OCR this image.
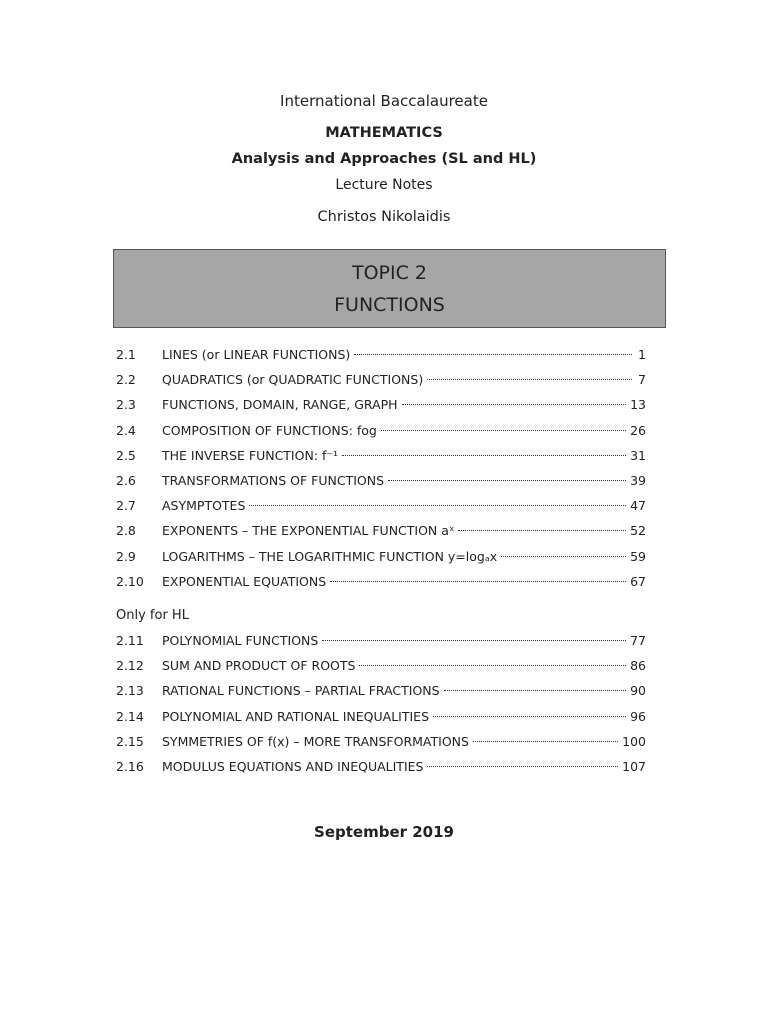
International Baccalaureate
MATHEMATICS
Analysis and Approaches (SL and HL)
Lecture Notes
Christos Nikolaidis
TOPIC 2
FUNCTIONS
2.1	LINES (or LINEAR FUNCTIONS)	1
2.2	QUADRATICS (or QUADRATIC FUNCTIONS)	7
2.3	FUNCTIONS, DOMAIN, RANGE, GRAPH	13
2.4	COMPOSITION OF FUNCTIONS: fog	26
2.5	THE INVERSE FUNCTION: f⁻¹	31
2.6	TRANSFORMATIONS OF FUNCTIONS	39
2.7	ASYMPTOTES	47
2.8	EXPONENTS – THE EXPONENTIAL FUNCTION aˣ	52
2.9	LOGARITHMS – THE LOGARITHMIC FUNCTION y=logₐx	59
2.10	EXPONENTIAL EQUATIONS	67
Only for HL
2.11	POLYNOMIAL FUNCTIONS	77
2.12	SUM AND PRODUCT OF ROOTS	86
2.13	RATIONAL FUNCTIONS – PARTIAL FRACTIONS	90
2.14	POLYNOMIAL AND RATIONAL INEQUALITIES	96
2.15	SYMMETRIES OF f(x) – MORE TRANSFORMATIONS	100
2.16	MODULUS EQUATIONS AND INEQUALITIES	107
September 2019
